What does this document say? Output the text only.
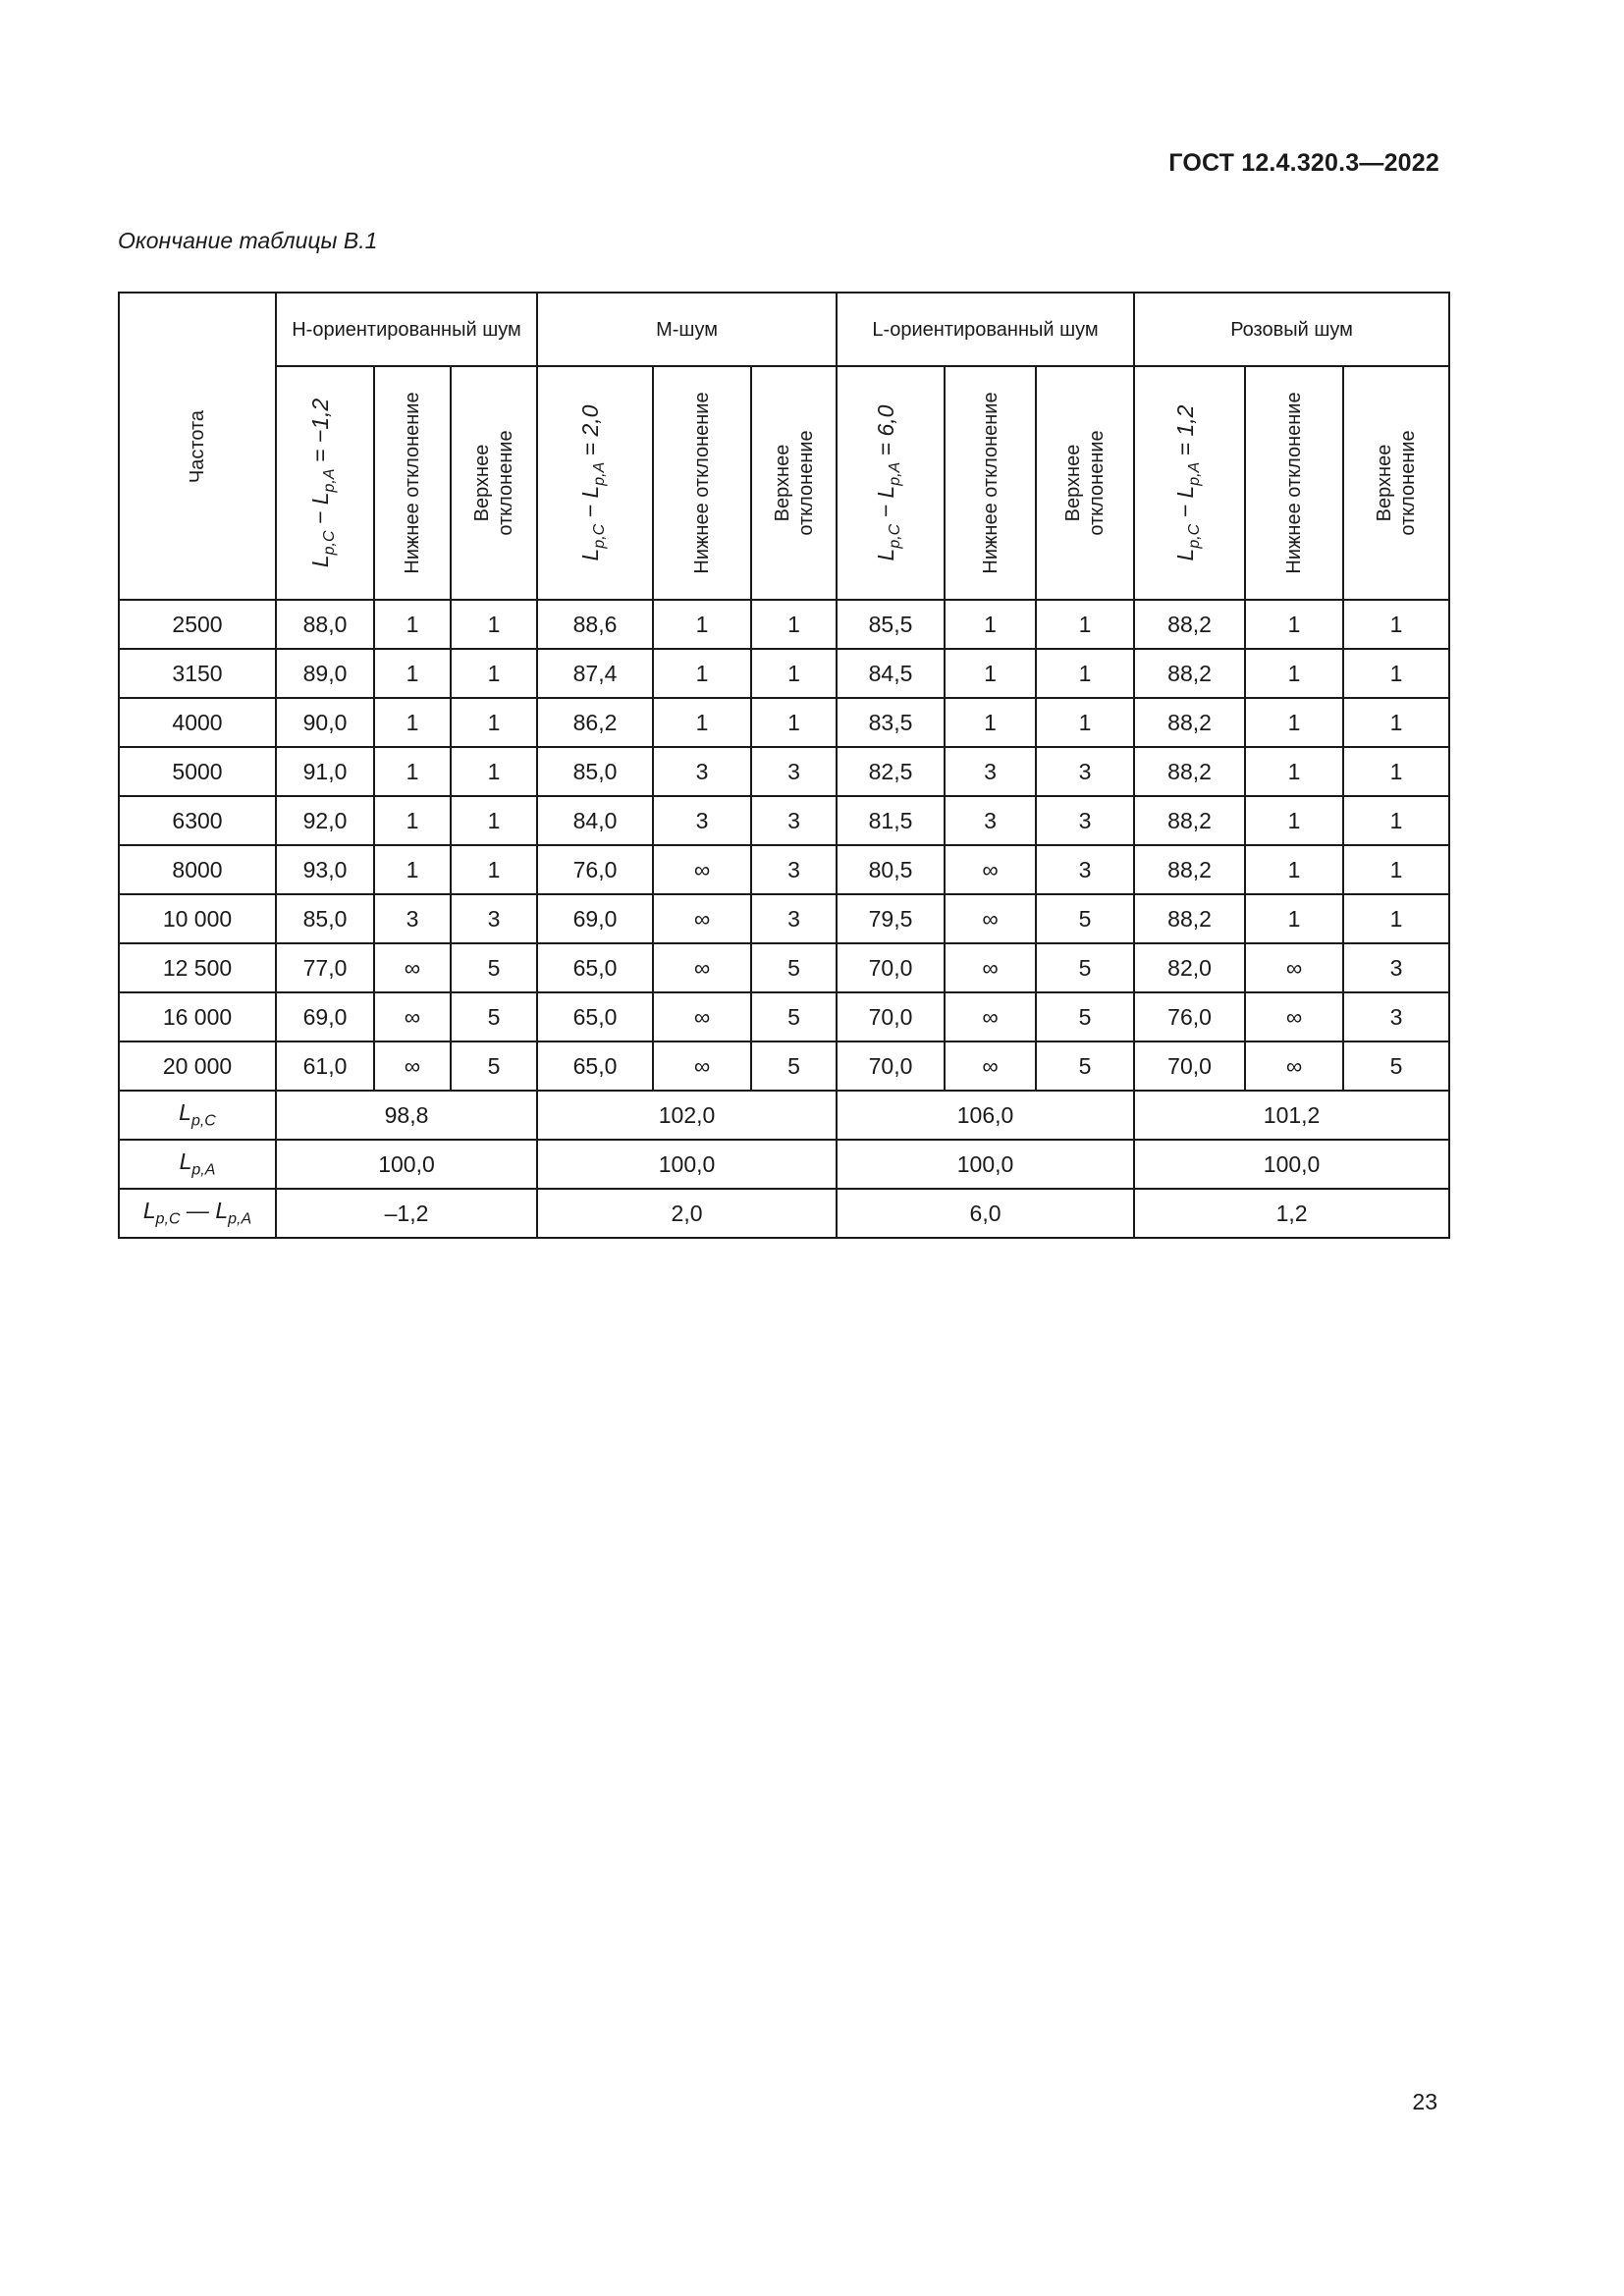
ГОСТ 12.4.320.3—2022
Окончание таблицы В.1
Частота	Н-ориентированный шум			М-шум			L-ориентированный шум			Розовый шум		

	$L_{p,C} - L_{p,A} = -1,2$	Нижнее отклонение	Верхнее отклонение	$L_{p,C} - L_{p,A} = 2,0$	Нижнее отклонение	Верхнее отклонение	$L_{p,C} - L_{p,A} = 6,0$	Нижнее отклонение	Верхнее отклонение	$L_{p,C} - L_{p,A} = 1,2$	Нижнее отклонение	Верхнее отклонение

2500	88,0	1	1	88,6	1	1	85,5	1	1	88,2	1	1
3150	89,0	1	1	87,4	1	1	84,5	1	1	88,2	1	1
4000	90,0	1	1	86,2	1	1	83,5	1	1	88,2	1	1
5000	91,0	1	1	85,0	3	3	82,5	3	3	88,2	1	1
6300	92,0	1	1	84,0	3	3	81,5	3	3	88,2	1	1
8000	93,0	1	1	76,0	∞	3	80,5	∞	3	88,2	1	1
10 000	85,0	3	3	69,0	∞	3	79,5	∞	5	88,2	1	1
12 500	77,0	∞	5	65,0	∞	5	70,0	∞	5	82,0	∞	3
16 000	69,0	∞	5	65,0	∞	5	70,0	∞	5	76,0	∞	3
20 000	61,0	∞	5	65,0	∞	5	70,0	∞	5	70,0	∞	5
$L_{p,C}$	98,8			102,0			106,0			101,2		
$L_{p,A}$	100,0			100,0			100,0			100,0		
$L_{p,C}$ — $L_{p,A}$	–1,2			2,0			6,0			1,2		
23
